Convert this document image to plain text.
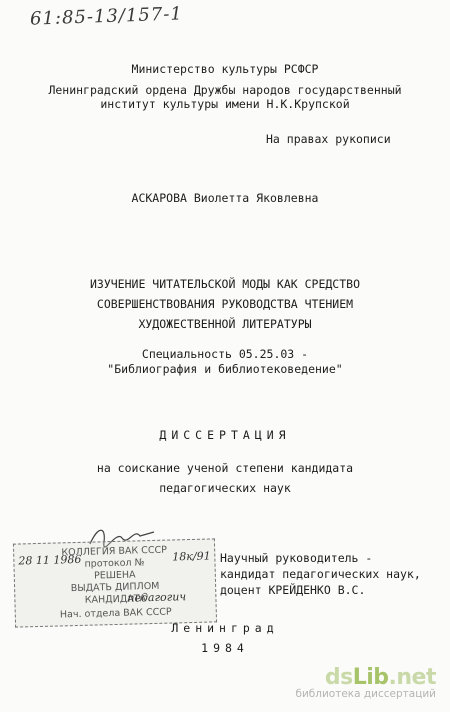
61:85-13/157-1
Министерство культуры РСФСР
Ленинградский ордена Дружбы народов государственный
институт культуры имени Н.К.Крупской
На правах рукописи
АСКАРОВА Виолетта Яковлевна
ИЗУЧЕНИЕ ЧИТАТЕЛЬСКОЙ МОДЫ КАК СРЕДСТВО
СОВЕРШЕНСТВОВАНИЯ РУКОВОДСТВА ЧТЕНИЕМ
ХУДОЖЕСТВЕННОЙ ЛИТЕРАТУРЫ
Специальность 05.25.03 -
"Библиография и библиотековедение"
ДИССЕРТАЦИЯ
на соискание ученой степени кандидата
педагогических наук
КОЛЛЕГИЯ ВАК СССР
протокол №
РЕШЕНА
ВЫДАТЬ ДИПЛОМ
КАНДИДАТА
Нач. отдела ВАК СССР
28 11 1986	18к/91
педагогич
Научный руководитель -
кандидат педагогических наук,
доцент КРЕЙДЕНКО В.С.
Ленинград
1984
dsLib.net
библиотека диссертаций
